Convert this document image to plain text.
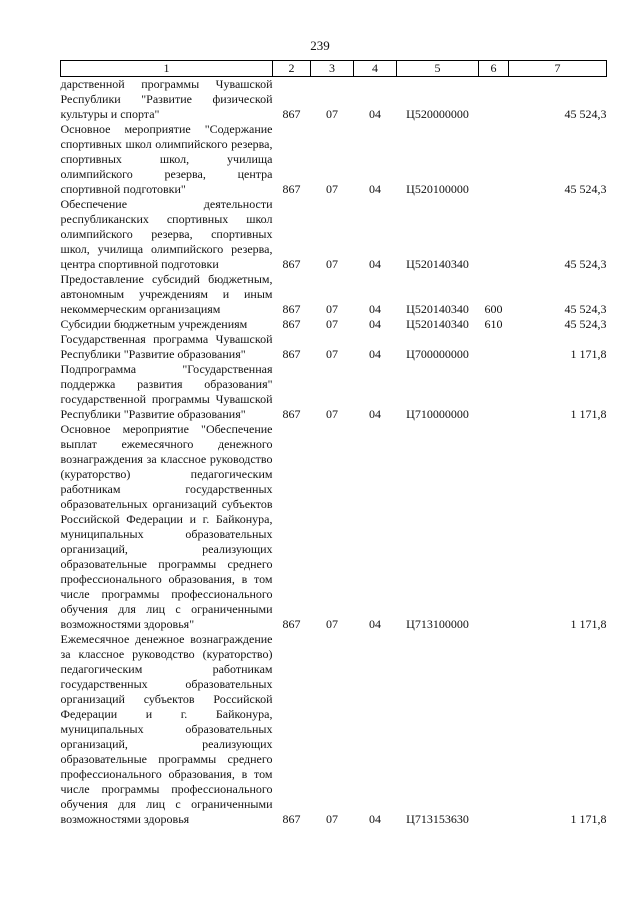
239
1	2	3	4	5	6	7
дарственной программы Чувашской Республики "Развитие физической культуры и спорта"	867	07	04	Ц520000000		45 524,3
Основное мероприятие "Содержание спортивных школ олимпийского резерва, спортивных школ, училища олимпийского резерва, центра спортивной подготовки"	867	07	04	Ц520100000		45 524,3
Обеспечение деятельности республиканских спортивных школ олимпийского резерва, спортивных школ, училища олимпийского резерва, центра спортивной подготовки	867	07	04	Ц520140340		45 524,3
Предоставление субсидий бюджетным, автономным учреждениям и иным некоммерческим организациям	867	07	04	Ц520140340	600	45 524,3
Субсидии бюджетным учреждениям	867	07	04	Ц520140340	610	45 524,3
Государственная программа Чувашской Республики "Развитие образования"	867	07	04	Ц700000000		1 171,8
Подпрограмма "Государственная поддержка развития образования" государственной программы Чувашской Республики "Развитие образования"	867	07	04	Ц710000000		1 171,8
Основное мероприятие "Обеспечение выплат ежемесячного денежного вознаграждения за классное руководство (кураторство) педагогическим работникам государственных образовательных организаций субъектов Российской Федерации и г. Байконура, муниципальных образовательных организаций, реализующих образовательные программы среднего профессионального образования, в том числе программы профессионального обучения для лиц с ограниченными возможностями здоровья"	867	07	04	Ц713100000		1 171,8
Ежемесячное денежное вознаграждение за классное руководство (кураторство) педагогическим работникам государственных образовательных организаций субъектов Российской Федерации и г. Байконура, муниципальных образовательных организаций, реализующих образовательные программы среднего профессионального образования, в том числе программы профессионального обучения для лиц с ограниченными возможностями здоровья	867	07	04	Ц713153630		1 171,8
